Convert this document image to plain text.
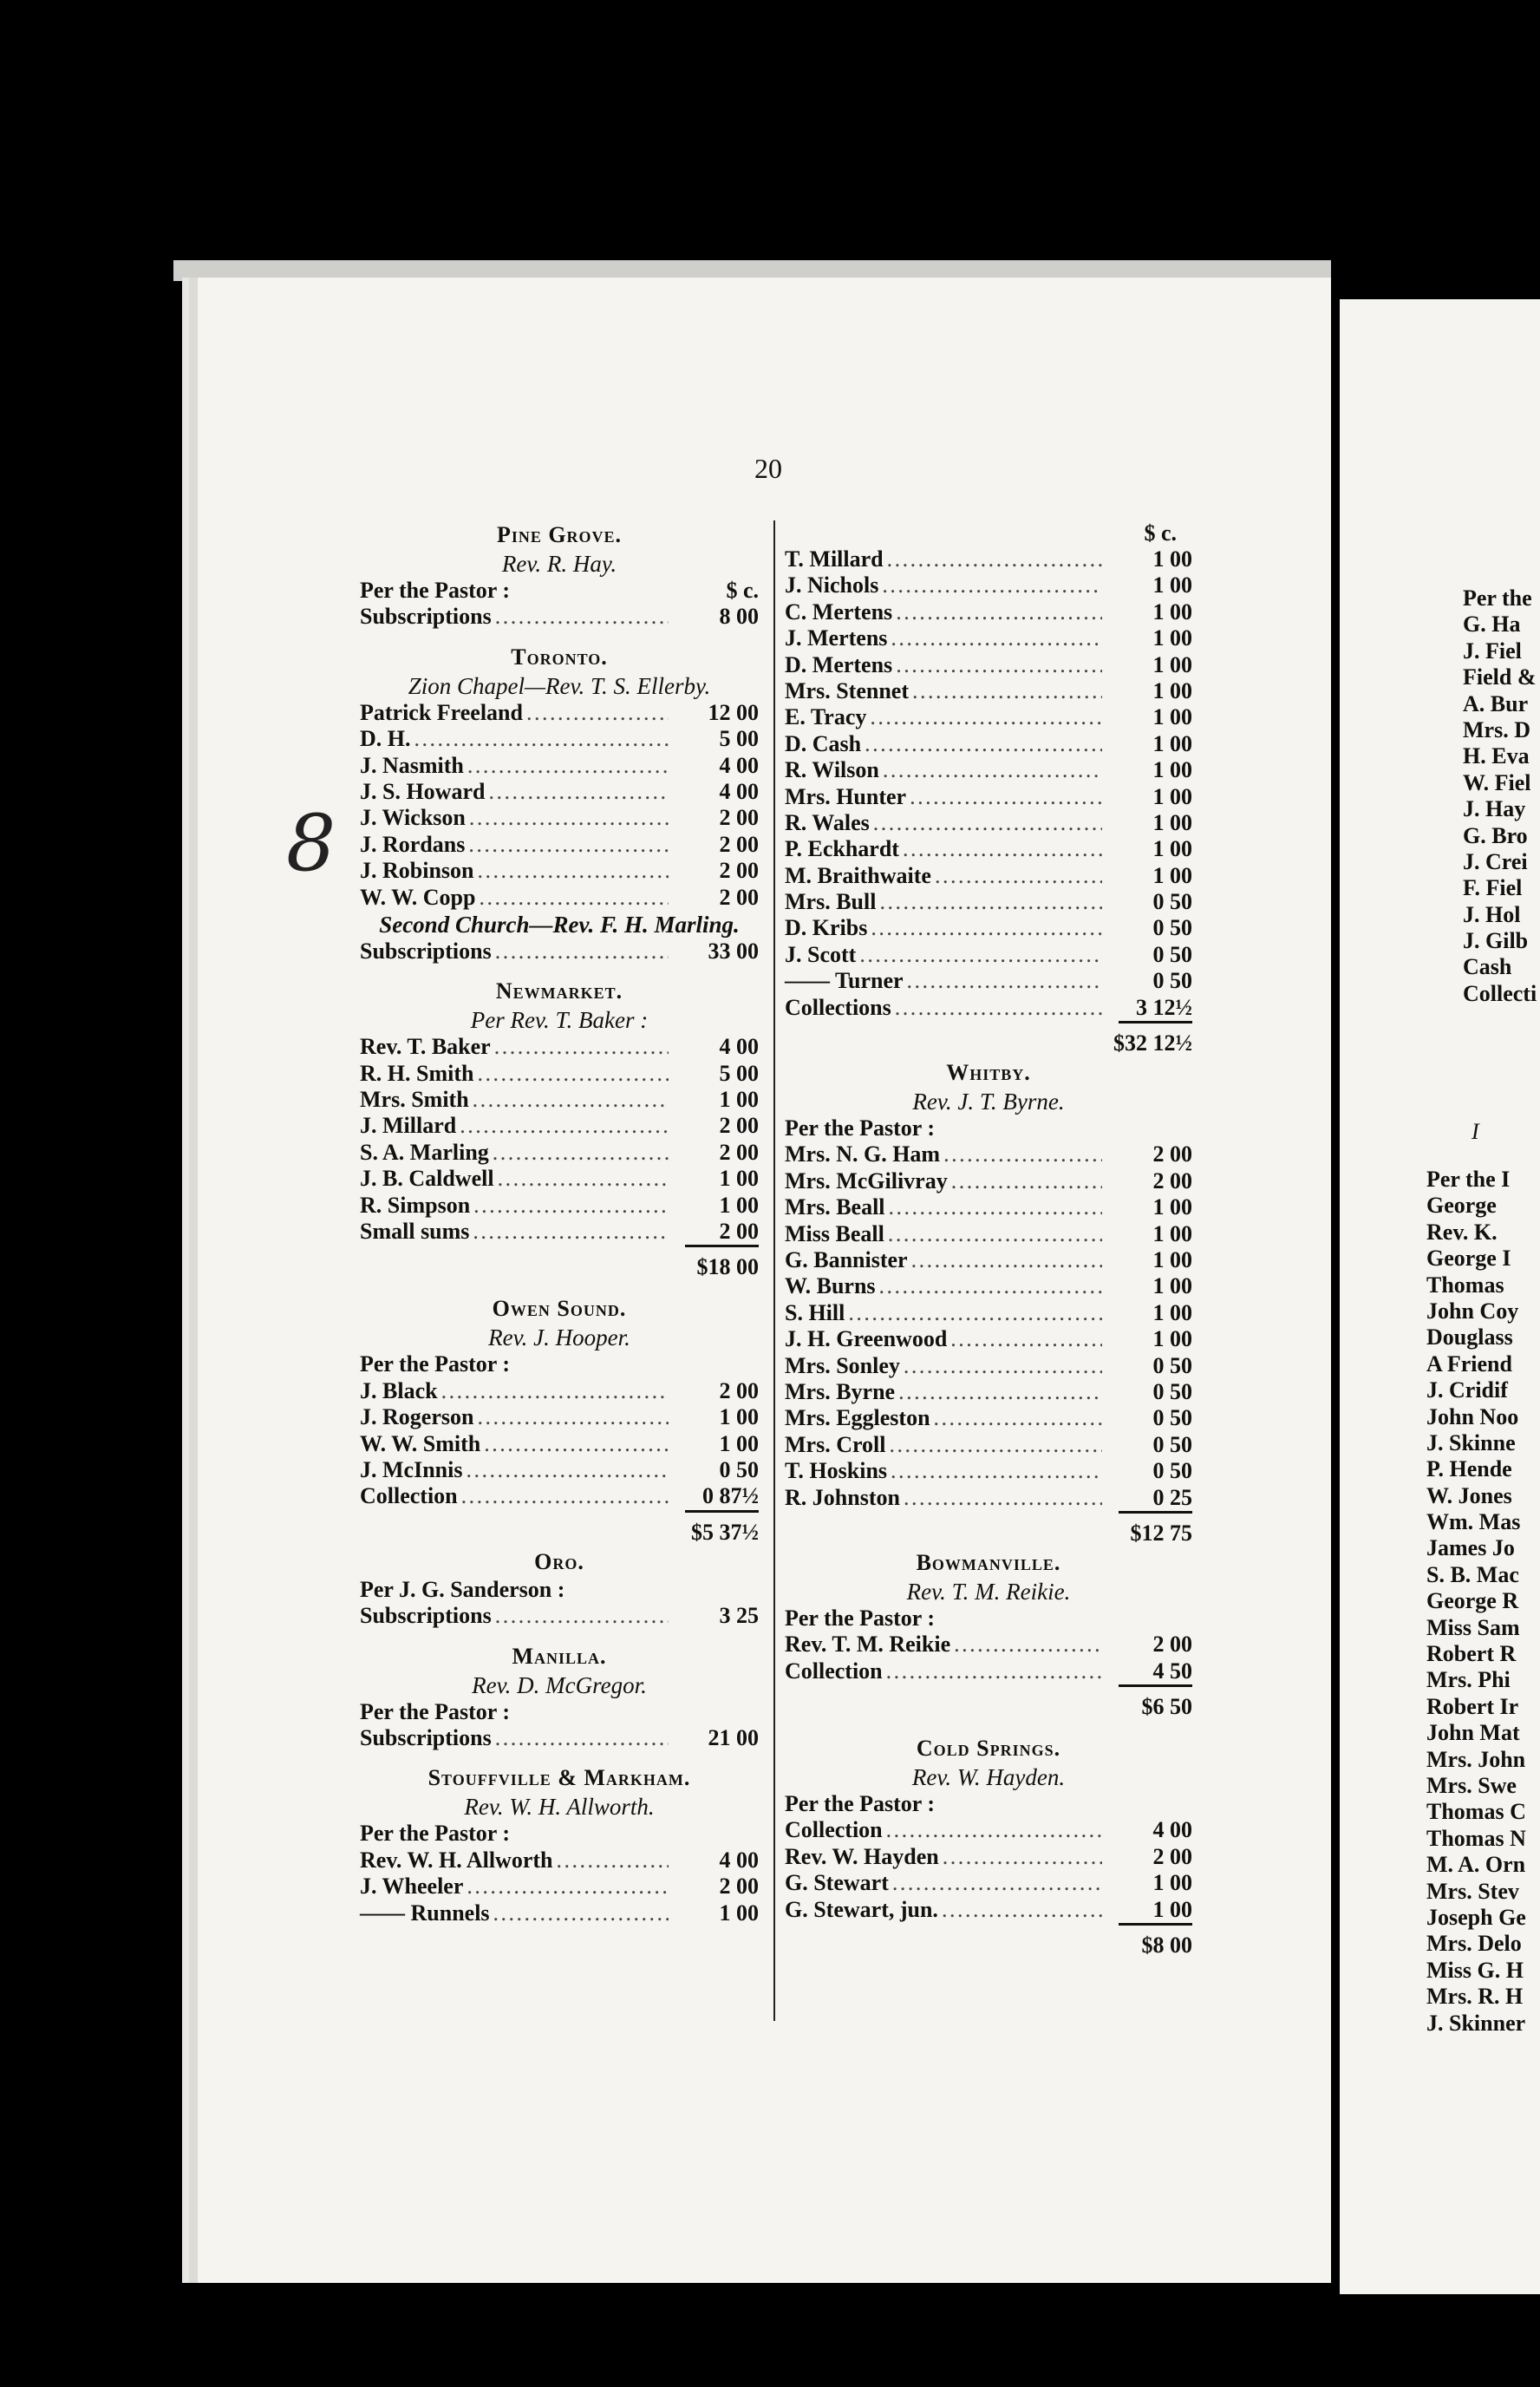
20
8
Pine Grove.
Rev. R. Hay.
Per the Pastor :	$ c.
Subscriptions . . .	8 00
Toronto.
Zion Chapel—Rev. T. S. Ellerby.
Patrick Freeland . . .	12 00
D. H. . . .	5 00
J. Nasmith . . .	4 00
J. S. Howard . . .	4 00
J. Wickson . . .	2 00
J. Rordans . . .	2 00
J. Robinson . . .	2 00
W. W. Copp . . .	2 00
Second Church—Rev. F. H. Marling.
Subscriptions . . .	33 00
Newmarket.
Per Rev. T. Baker :
Rev. T. Baker . . .	4 00
R. H. Smith . . .	5 00
Mrs. Smith . . .	1 00
J. Millard . . .	2 00
S. A. Marling . . .	2 00
J. B. Caldwell . . .	1 00
R. Simpson . . .	1 00
Small sums . . .	2 00
$18 00
Owen Sound.
Rev. J. Hooper.
Per the Pastor :
J. Black . . .	2 00
J. Rogerson . . .	1 00
W. W. Smith . . .	1 00
J. McInnis . . .	0 50
Collection . . .	0 87½
$5 37½
Oro.
Per J. G. Sanderson :
Subscriptions . . .	3 25
Manilla.
Rev. D. McGregor.
Per the Pastor :
Subscriptions . . .	21 00
Stouffville & Markham.
Rev. W. H. Allworth.
Per the Pastor :
Rev. W. H. Allworth . . .	4 00
J. Wheeler . . .	2 00
—— Runnels . . .	1 00
$ c.
T. Millard . . .	1 00
J. Nichols . . .	1 00
C. Mertens . . .	1 00
J. Mertens . . .	1 00
D. Mertens . . .	1 00
Mrs. Stennet . . .	1 00
E. Tracy . . .	1 00
D. Cash . . .	1 00
R. Wilson . . .	1 00
Mrs. Hunter . . .	1 00
R. Wales . . .	1 00
P. Eckhardt . . .	1 00
M. Braithwaite . . .	1 00
Mrs. Bull . . .	0 50
D. Kribs . . .	0 50
J. Scott . . .	0 50
—— Turner . . .	0 50
Collections . . .	3 12½
$32 12½
Whitby.
Rev. J. T. Byrne.
Per the Pastor :
Mrs. N. G. Ham . . .	2 00
Mrs. McGilivray . . .	2 00
Mrs. Beall . . .	1 00
Miss Beall . . .	1 00
G. Bannister . . .	1 00
W. Burns . . .	1 00
S. Hill . . .	1 00
J. H. Greenwood . . .	1 00
Mrs. Sonley . . .	0 50
Mrs. Byrne . . .	0 50
Mrs. Eggleston . . .	0 50
Mrs. Croll . . .	0 50
T. Hoskins . . .	0 50
R. Johnston . . .	0 25
$12 75
Bowmanville.
Rev. T. M. Reikie.
Per the Pastor :
Rev. T. M. Reikie . . .	2 00
Collection . . .	4 50
$6 50
Cold Springs.
Rev. W. Hayden.
Per the Pastor :
Collection . . .	4 00
Rev. W. Hayden . . .	2 00
G. Stewart . . .	1 00
G. Stewart, jun. . . .	1 00
$8 00
Per the
G. Ha
J. Fiel
Field &
A. Bur
Mrs. D
H. Eva
W. Fiel
J. Hay
G. Bro
J. Crei
F. Fiel
J. Hol
J. Gilb
Cash
Collecti
I
Per the I
George
Rev. K.
George I
Thomas
John Coy
Douglass
A Friend
J. Cridif
John Noo
J. Skinne
P. Hende
W. Jones
Wm. Mas
James Jo
S. B. Mac
George R
Miss Sam
Robert R
Mrs. Phi
Robert Ir
John Mat
Mrs. John
Mrs. Swe
Thomas C
Thomas N
M. A. Orn
Mrs. Stev
Joseph Ge
Mrs. Delo
Miss G. H
Mrs. R. H
J. Skinner
